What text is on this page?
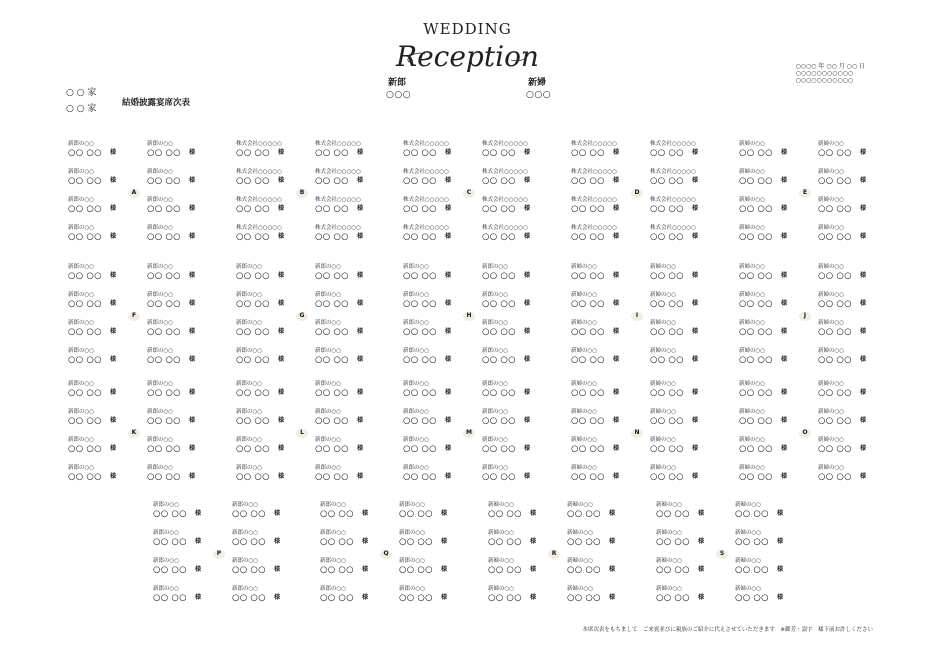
WEDDING
Reception
新郎
○○○
新婦
○○○
○○○○ 年 ○○ 月 ○○ 日
○○○○○○○○○○○
○○○○○○○○○○○
○ ○ 家
○ ○ 家
結婚披露宴席次表
新郎の○○
○○ ○○ 様
新郎の○○
○○ ○○ 様
新郎の○○
○○ ○○ 様
新郎の○○
○○ ○○ 様
新郎の○○
○○ ○○ 様
新郎の○○
○○ ○○ 様
新郎の○○
○○ ○○ 様
新郎の○○
○○ ○○ 様
A
株式会社○○○○○
○○ ○○ 様
株式会社○○○○○
○○ ○○ 様
株式会社○○○○○
○○ ○○ 様
株式会社○○○○○
○○ ○○ 様
株式会社○○○○○
○○ ○○ 様
株式会社○○○○○
○○ ○○ 様
株式会社○○○○○
○○ ○○ 様
株式会社○○○○○
○○ ○○ 様
B
株式会社○○○○○
○○ ○○ 様
株式会社○○○○○
○○ ○○ 様
株式会社○○○○○
○○ ○○ 様
株式会社○○○○○
○○ ○○ 様
株式会社○○○○○
○○ ○○ 様
株式会社○○○○○
○○ ○○ 様
株式会社○○○○○
○○ ○○ 様
株式会社○○○○○
○○ ○○ 様
C
株式会社○○○○○
○○ ○○ 様
株式会社○○○○○
○○ ○○ 様
株式会社○○○○○
○○ ○○ 様
株式会社○○○○○
○○ ○○ 様
株式会社○○○○○
○○ ○○ 様
株式会社○○○○○
○○ ○○ 様
株式会社○○○○○
○○ ○○ 様
株式会社○○○○○
○○ ○○ 様
D
新婦の○○
○○ ○○ 様
新婦の○○
○○ ○○ 様
新婦の○○
○○ ○○ 様
新婦の○○
○○ ○○ 様
新婦の○○
○○ ○○ 様
新婦の○○
○○ ○○ 様
新婦の○○
○○ ○○ 様
新婦の○○
○○ ○○ 様
E
新郎の○○
○○ ○○ 様
新郎の○○
○○ ○○ 様
新郎の○○
○○ ○○ 様
新郎の○○
○○ ○○ 様
新郎の○○
○○ ○○ 様
新郎の○○
○○ ○○ 様
新郎の○○
○○ ○○ 様
新郎の○○
○○ ○○ 様
F
新郎の○○
○○ ○○ 様
新郎の○○
○○ ○○ 様
新郎の○○
○○ ○○ 様
新郎の○○
○○ ○○ 様
新郎の○○
○○ ○○ 様
新郎の○○
○○ ○○ 様
新郎の○○
○○ ○○ 様
新郎の○○
○○ ○○ 様
G
新郎の○○
○○ ○○ 様
新郎の○○
○○ ○○ 様
新郎の○○
○○ ○○ 様
新郎の○○
○○ ○○ 様
新郎の○○
○○ ○○ 様
新郎の○○
○○ ○○ 様
新郎の○○
○○ ○○ 様
新郎の○○
○○ ○○ 様
H
新婦の○○
○○ ○○ 様
新婦の○○
○○ ○○ 様
新婦の○○
○○ ○○ 様
新婦の○○
○○ ○○ 様
新婦の○○
○○ ○○ 様
新婦の○○
○○ ○○ 様
新婦の○○
○○ ○○ 様
新婦の○○
○○ ○○ 様
I
新婦の○○
○○ ○○ 様
新婦の○○
○○ ○○ 様
新婦の○○
○○ ○○ 様
新婦の○○
○○ ○○ 様
新婦の○○
○○ ○○ 様
新婦の○○
○○ ○○ 様
新婦の○○
○○ ○○ 様
新婦の○○
○○ ○○ 様
J
新郎の○○
○○ ○○ 様
新郎の○○
○○ ○○ 様
新郎の○○
○○ ○○ 様
新郎の○○
○○ ○○ 様
新郎の○○
○○ ○○ 様
新郎の○○
○○ ○○ 様
新郎の○○
○○ ○○ 様
新郎の○○
○○ ○○ 様
K
新郎の○○
○○ ○○ 様
新郎の○○
○○ ○○ 様
新郎の○○
○○ ○○ 様
新郎の○○
○○ ○○ 様
新郎の○○
○○ ○○ 様
新郎の○○
○○ ○○ 様
新郎の○○
○○ ○○ 様
新郎の○○
○○ ○○ 様
L
新郎の○○
○○ ○○ 様
新郎の○○
○○ ○○ 様
新郎の○○
○○ ○○ 様
新郎の○○
○○ ○○ 様
新郎の○○
○○ ○○ 様
新郎の○○
○○ ○○ 様
新郎の○○
○○ ○○ 様
新郎の○○
○○ ○○ 様
M
新婦の○○
○○ ○○ 様
新婦の○○
○○ ○○ 様
新婦の○○
○○ ○○ 様
新婦の○○
○○ ○○ 様
新婦の○○
○○ ○○ 様
新婦の○○
○○ ○○ 様
新婦の○○
○○ ○○ 様
新婦の○○
○○ ○○ 様
N
新婦の○○
○○ ○○ 様
新婦の○○
○○ ○○ 様
新婦の○○
○○ ○○ 様
新婦の○○
○○ ○○ 様
新婦の○○
○○ ○○ 様
新婦の○○
○○ ○○ 様
新婦の○○
○○ ○○ 様
新婦の○○
○○ ○○ 様
O
新郎の○○
○○ ○○ 様
新郎の○○
○○ ○○ 様
新郎の○○
○○ ○○ 様
新郎の○○
○○ ○○ 様
新郎の○○
○○ ○○ 様
新郎の○○
○○ ○○ 様
新郎の○○
○○ ○○ 様
新郎の○○
○○ ○○ 様
P
新郎の○○
○○ ○○ 様
新郎の○○
○○ ○○ 様
新郎の○○
○○ ○○ 様
新郎の○○
○○ ○○ 様
新郎の○○
○○ ○○ 様
新郎の○○
○○ ○○ 様
新郎の○○
○○ ○○ 様
新郎の○○
○○ ○○ 様
Q
新婦の○○
○○ ○○ 様
新婦の○○
○○ ○○ 様
新婦の○○
○○ ○○ 様
新婦の○○
○○ ○○ 様
新婦の○○
○○ ○○ 様
新婦の○○
○○ ○○ 様
新婦の○○
○○ ○○ 様
新婦の○○
○○ ○○ 様
R
新婦の○○
○○ ○○ 様
新婦の○○
○○ ○○ 様
新婦の○○
○○ ○○ 様
新婦の○○
○○ ○○ 様
新婦の○○
○○ ○○ 様
新婦の○○
○○ ○○ 様
新婦の○○
○○ ○○ 様
新婦の○○
○○ ○○ 様
S
本席次表をもちまして　ご来賓並びに親族のご紹介に代えさせていただきます　※御芳・誤字　様下前お許しください
